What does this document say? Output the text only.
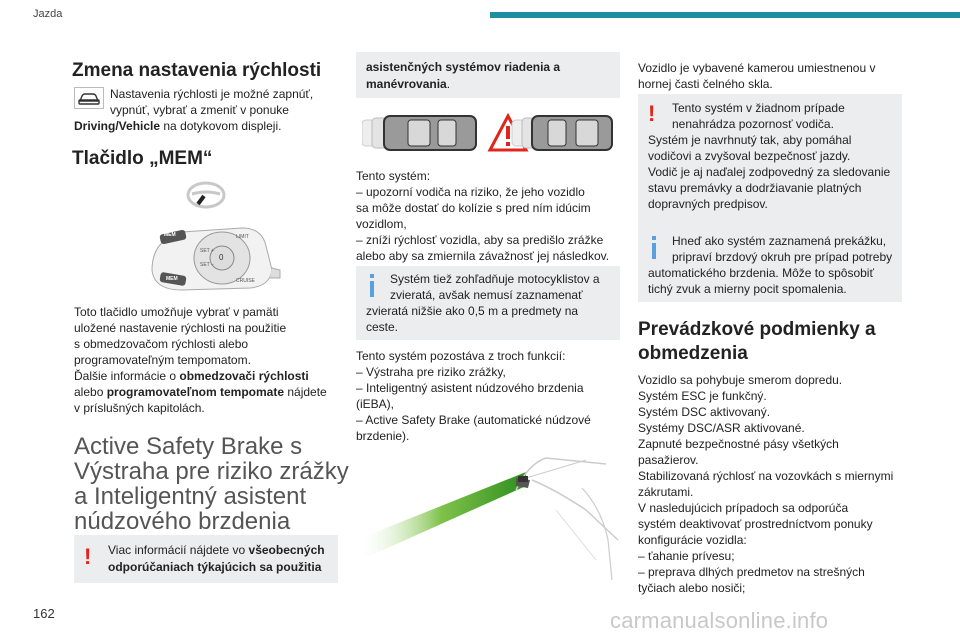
Jazda
Zmena nastavenia rýchlosti
Nastavenia rýchlosti je možné zapnúť,
vypnúť, vybrať a zmeniť v ponuke
Driving/Vehicle na dotykovom displeji.
Tlačidlo „MEM“
MEM
MEM
SET +
SET −
LIMIT
CRUISE
0
Toto tlačidlo umožňuje vybrať v pamäti
uložené nastavenie rýchlosti na použitie
s obmedzovačom rýchlosti alebo
programovateľným tempomatom.
Ďalšie informácie o obmedzovači rýchlosti
alebo programovateľnom tempomate nájdete
v príslušných kapitolách.
Active Safety Brake s
Výstraha pre riziko zrážky
a Inteligentný asistent
núdzového brzdenia
! Viac informácií nájdete vo všeobecných
odporúčaniach týkajúcich sa použitia
asistenčných systémov riadenia a
manévrovania.
Tento systém:
– upozorní vodiča na riziko, že jeho vozidlo
sa môže dostať do kolízie s pred ním idúcim
vozidlom,
– zníži rýchlosť vozidla, aby sa predišlo zrážke
alebo aby sa zmiernila závažnosť jej následkov.
Systém tiež zohľadňuje motocyklistov a
zvieratá, avšak nemusí zaznamenať
zvieratá nižšie ako 0,5 m a predmety na
ceste.
Tento systém pozostáva z troch funkcií:
– Výstraha pre riziko zrážky,
– Inteligentný asistent núdzového brzdenia
(iEBA),
– Active Safety Brake (automatické núdzové
brzdenie).
Vozidlo je vybavené kamerou umiestnenou v
hornej časti čelného skla.
! Tento systém v žiadnom prípade
nenahrádza pozornosť vodiča.
Systém je navrhnutý tak, aby pomáhal
vodičovi a zvyšoval bezpečnosť jazdy.
Vodič je aj naďalej zodpovedný za sledovanie
stavu premávky a dodržiavanie platných
dopravných predpisov.
Hneď ako systém zaznamená prekážku,
pripraví brzdový okruh pre prípad potreby
automatického brzdenia. Môže to spôsobiť
tichý zvuk a mierny pocit spomalenia.
Prevádzkové podmienky a
obmedzenia
Vozidlo sa pohybuje smerom dopredu.
Systém ESC je funkčný.
Systém DSC aktivovaný.
Systémy DSC/ASR aktivované.
Zapnuté bezpečnostné pásy všetkých
pasažierov.
Stabilizovaná rýchlosť na vozovkách s miernymi
zákrutami.
V nasledujúcich prípadoch sa odporúča
systém deaktivovať prostredníctvom ponuky
konfigurácie vozidla:
– ťahanie prívesu;
– preprava dlhých predmetov na strešných
tyčiach alebo nosiči;
162	carmanualsonline.info
